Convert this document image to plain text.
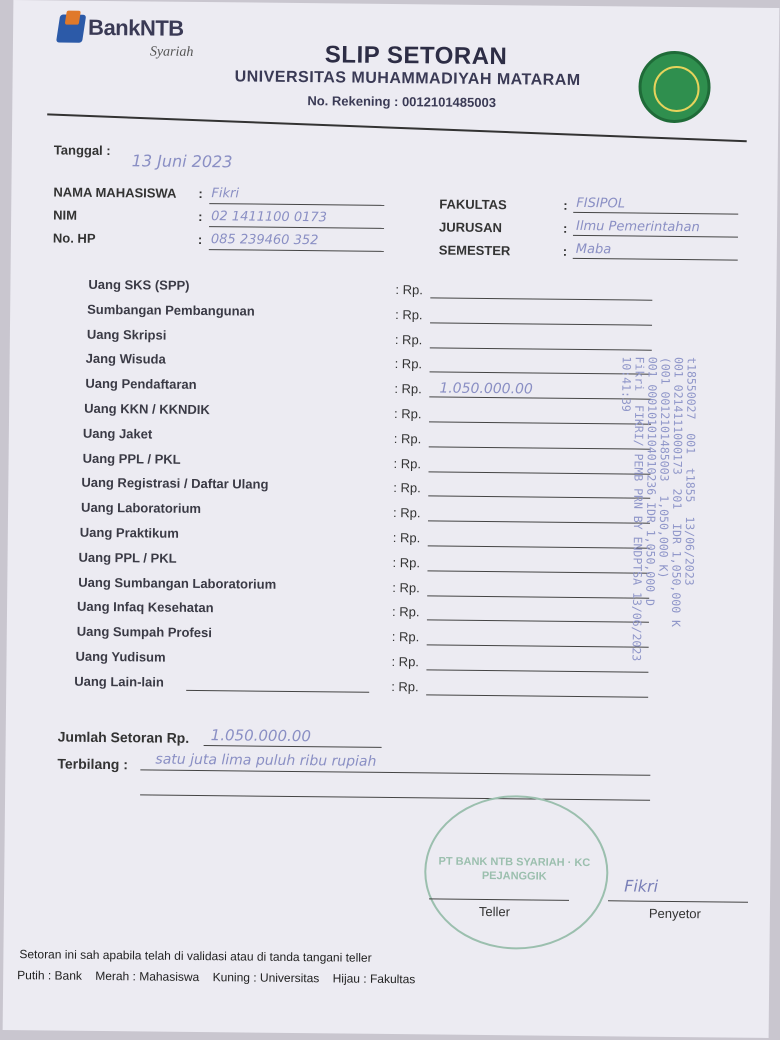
BankNTB
Syariah	SLIP SETORAN
UNIVERSITAS MUHAMMADIYAH MATARAM
No. Rekening : 0012101485003
Tanggal :
13 Juni 2023
NAMA MAHASISWA : Fikri
NIM	: 02 1411100 0173
No. HP	: 085 239460 352
FAKULTAS	: FISIPOL
JURUSAN	: Ilmu Pemerintahan
SEMESTER	: Maba
Uang SKS (SPP)	: Rp.
Sumbangan Pembangunan	: Rp.
Uang Skripsi	: Rp.
Jang Wisuda	: Rp.
Uang Pendaftaran	: Rp. 1.050.000.00
Uang KKN / KKNDIK	: Rp.
Uang Jaket	: Rp.
Uang PPL / PKL	: Rp.
Uang Registrasi / Daftar Ulang	: Rp.
Uang Laboratorium	: Rp.
Uang Praktikum	: Rp.
Uang PPL / PKL	: Rp.
Uang Sumbangan Laboratorium	: Rp.
Uang Infaq Kesehatan	: Rp.
Uang Sumpah Profesi	: Rp.
Uang Yudisum	: Rp.
Uang Lain-lain	: Rp.
t18550027  001  t1855  13/06/2023
001 0214111000173  201  IDR 1,050,000 K
(001 0012101485003  1,050,000 K)
001 0001010104010236 IDR 1,050,000 D
Fikri  FIKRI/ PEMB PRN BY ENDPTSA 13/06/2023
10:41:39
Jumlah Setoran Rp. 1.050.000.00
Terbilang : satu juta lima puluh ribu rupiah
PT BANK NTB SYARIAH · KC PEJANGGIK
Teller
Fikri
Penyetor
Setoran ini sah apabila telah di validasi atau di tanda tangani teller
Putih : Bank    Merah : Mahasiswa    Kuning : Universitas    Hijau : Fakultas
